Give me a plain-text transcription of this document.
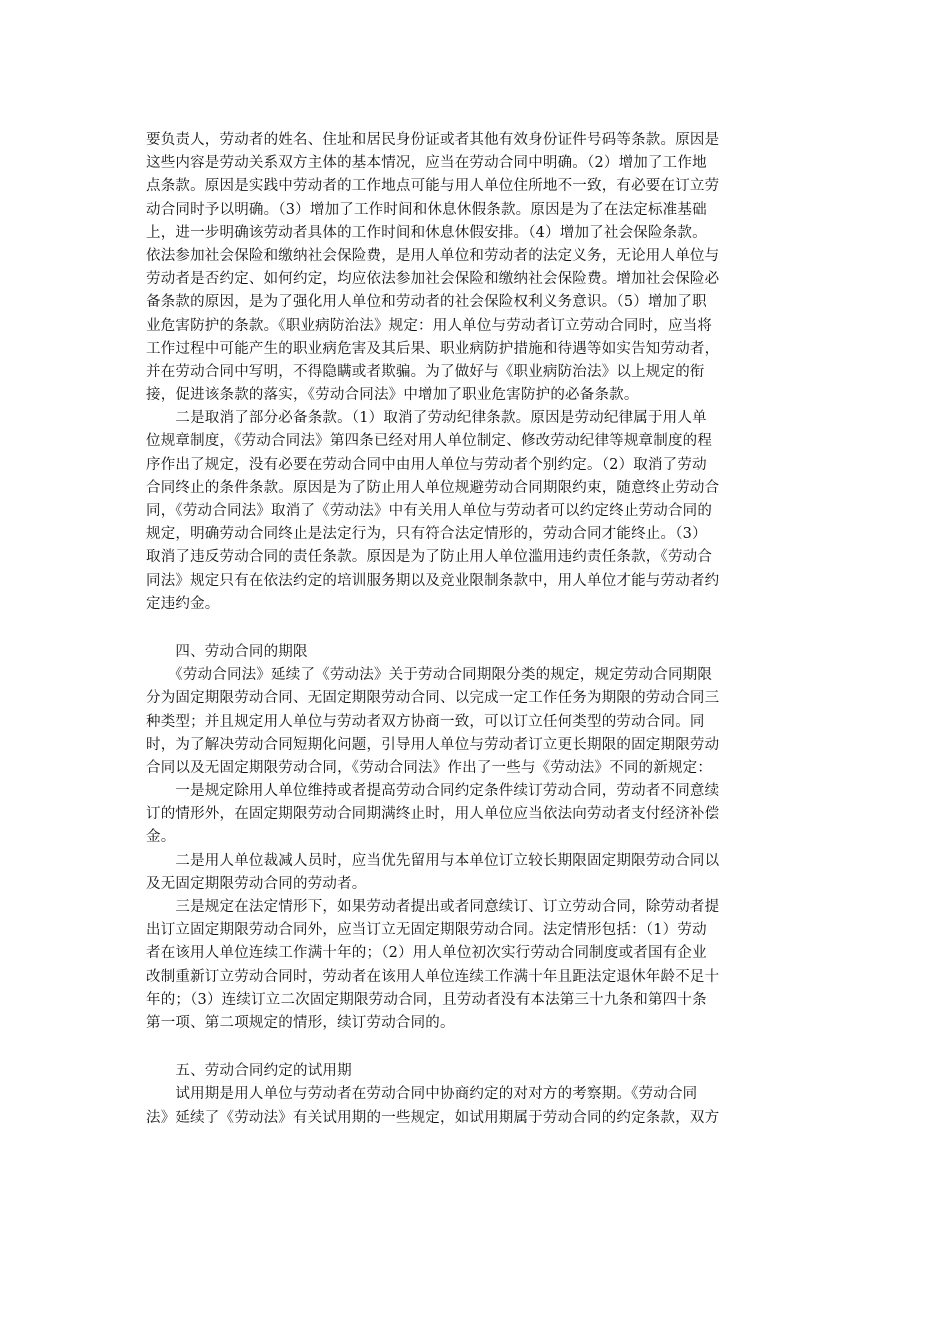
要负责人，劳动者的姓名、住址和居民身份证或者其他有效身份证件号码等条款。原因是
这些内容是劳动关系双方主体的基本情况，应当在劳动合同中明确。（2）增加了工作地
点条款。原因是实践中劳动者的工作地点可能与用人单位住所地不一致，有必要在订立劳
动合同时予以明确。（3）增加了工作时间和休息休假条款。原因是为了在法定标准基础
上，进一步明确该劳动者具体的工作时间和休息休假安排。（4）增加了社会保险条款。
依法参加社会保险和缴纳社会保险费，是用人单位和劳动者的法定义务，无论用人单位与
劳动者是否约定、如何约定，均应依法参加社会保险和缴纳社会保险费。增加社会保险必
备条款的原因，是为了强化用人单位和劳动者的社会保险权利义务意识。（5）增加了职
业危害防护的条款。《职业病防治法》规定：用人单位与劳动者订立劳动合同时，应当将
工作过程中可能产生的职业病危害及其后果、职业病防护措施和待遇等如实告知劳动者，
并在劳动合同中写明，不得隐瞒或者欺骗。为了做好与《职业病防治法》以上规定的衔
接，促进该条款的落实，《劳动合同法》中增加了职业危害防护的必备条款。
　　二是取消了部分必备条款。（1）取消了劳动纪律条款。原因是劳动纪律属于用人单
位规章制度，《劳动合同法》第四条已经对用人单位制定、修改劳动纪律等规章制度的程
序作出了规定，没有必要在劳动合同中由用人单位与劳动者个别约定。（2）取消了劳动
合同终止的条件条款。原因是为了防止用人单位规避劳动合同期限约束，随意终止劳动合
同，《劳动合同法》取消了《劳动法》中有关用人单位与劳动者可以约定终止劳动合同的
规定，明确劳动合同终止是法定行为，只有符合法定情形的，劳动合同才能终止。（3）
取消了违反劳动合同的责任条款。原因是为了防止用人单位滥用违约责任条款，《劳动合
同法》规定只有在依法约定的培训服务期以及竞业限制条款中，用人单位才能与劳动者约
定违约金。
　　四、劳动合同的期限
　　《劳动合同法》延续了《劳动法》关于劳动合同期限分类的规定，规定劳动合同期限
分为固定期限劳动合同、无固定期限劳动合同、以完成一定工作任务为期限的劳动合同三
种类型；并且规定用人单位与劳动者双方协商一致，可以订立任何类型的劳动合同。同
时，为了解决劳动合同短期化问题，引导用人单位与劳动者订立更长期限的固定期限劳动
合同以及无固定期限劳动合同，《劳动合同法》作出了一些与《劳动法》不同的新规定：
　　一是规定除用人单位维持或者提高劳动合同约定条件续订劳动合同，劳动者不同意续
订的情形外，在固定期限劳动合同期满终止时，用人单位应当依法向劳动者支付经济补偿
金。
　　二是用人单位裁减人员时，应当优先留用与本单位订立较长期限固定期限劳动合同以
及无固定期限劳动合同的劳动者。
　　三是规定在法定情形下，如果劳动者提出或者同意续订、订立劳动合同，除劳动者提
出订立固定期限劳动合同外，应当订立无固定期限劳动合同。法定情形包括：（1）劳动
者在该用人单位连续工作满十年的；（2）用人单位初次实行劳动合同制度或者国有企业
改制重新订立劳动合同时，劳动者在该用人单位连续工作满十年且距法定退休年龄不足十
年的；（3）连续订立二次固定期限劳动合同，且劳动者没有本法第三十九条和第四十条
第一项、第二项规定的情形，续订劳动合同的。
　　五、劳动合同约定的试用期
　　试用期是用人单位与劳动者在劳动合同中协商约定的对对方的考察期。《劳动合同
法》延续了《劳动法》有关试用期的一些规定，如试用期属于劳动合同的约定条款，双方
